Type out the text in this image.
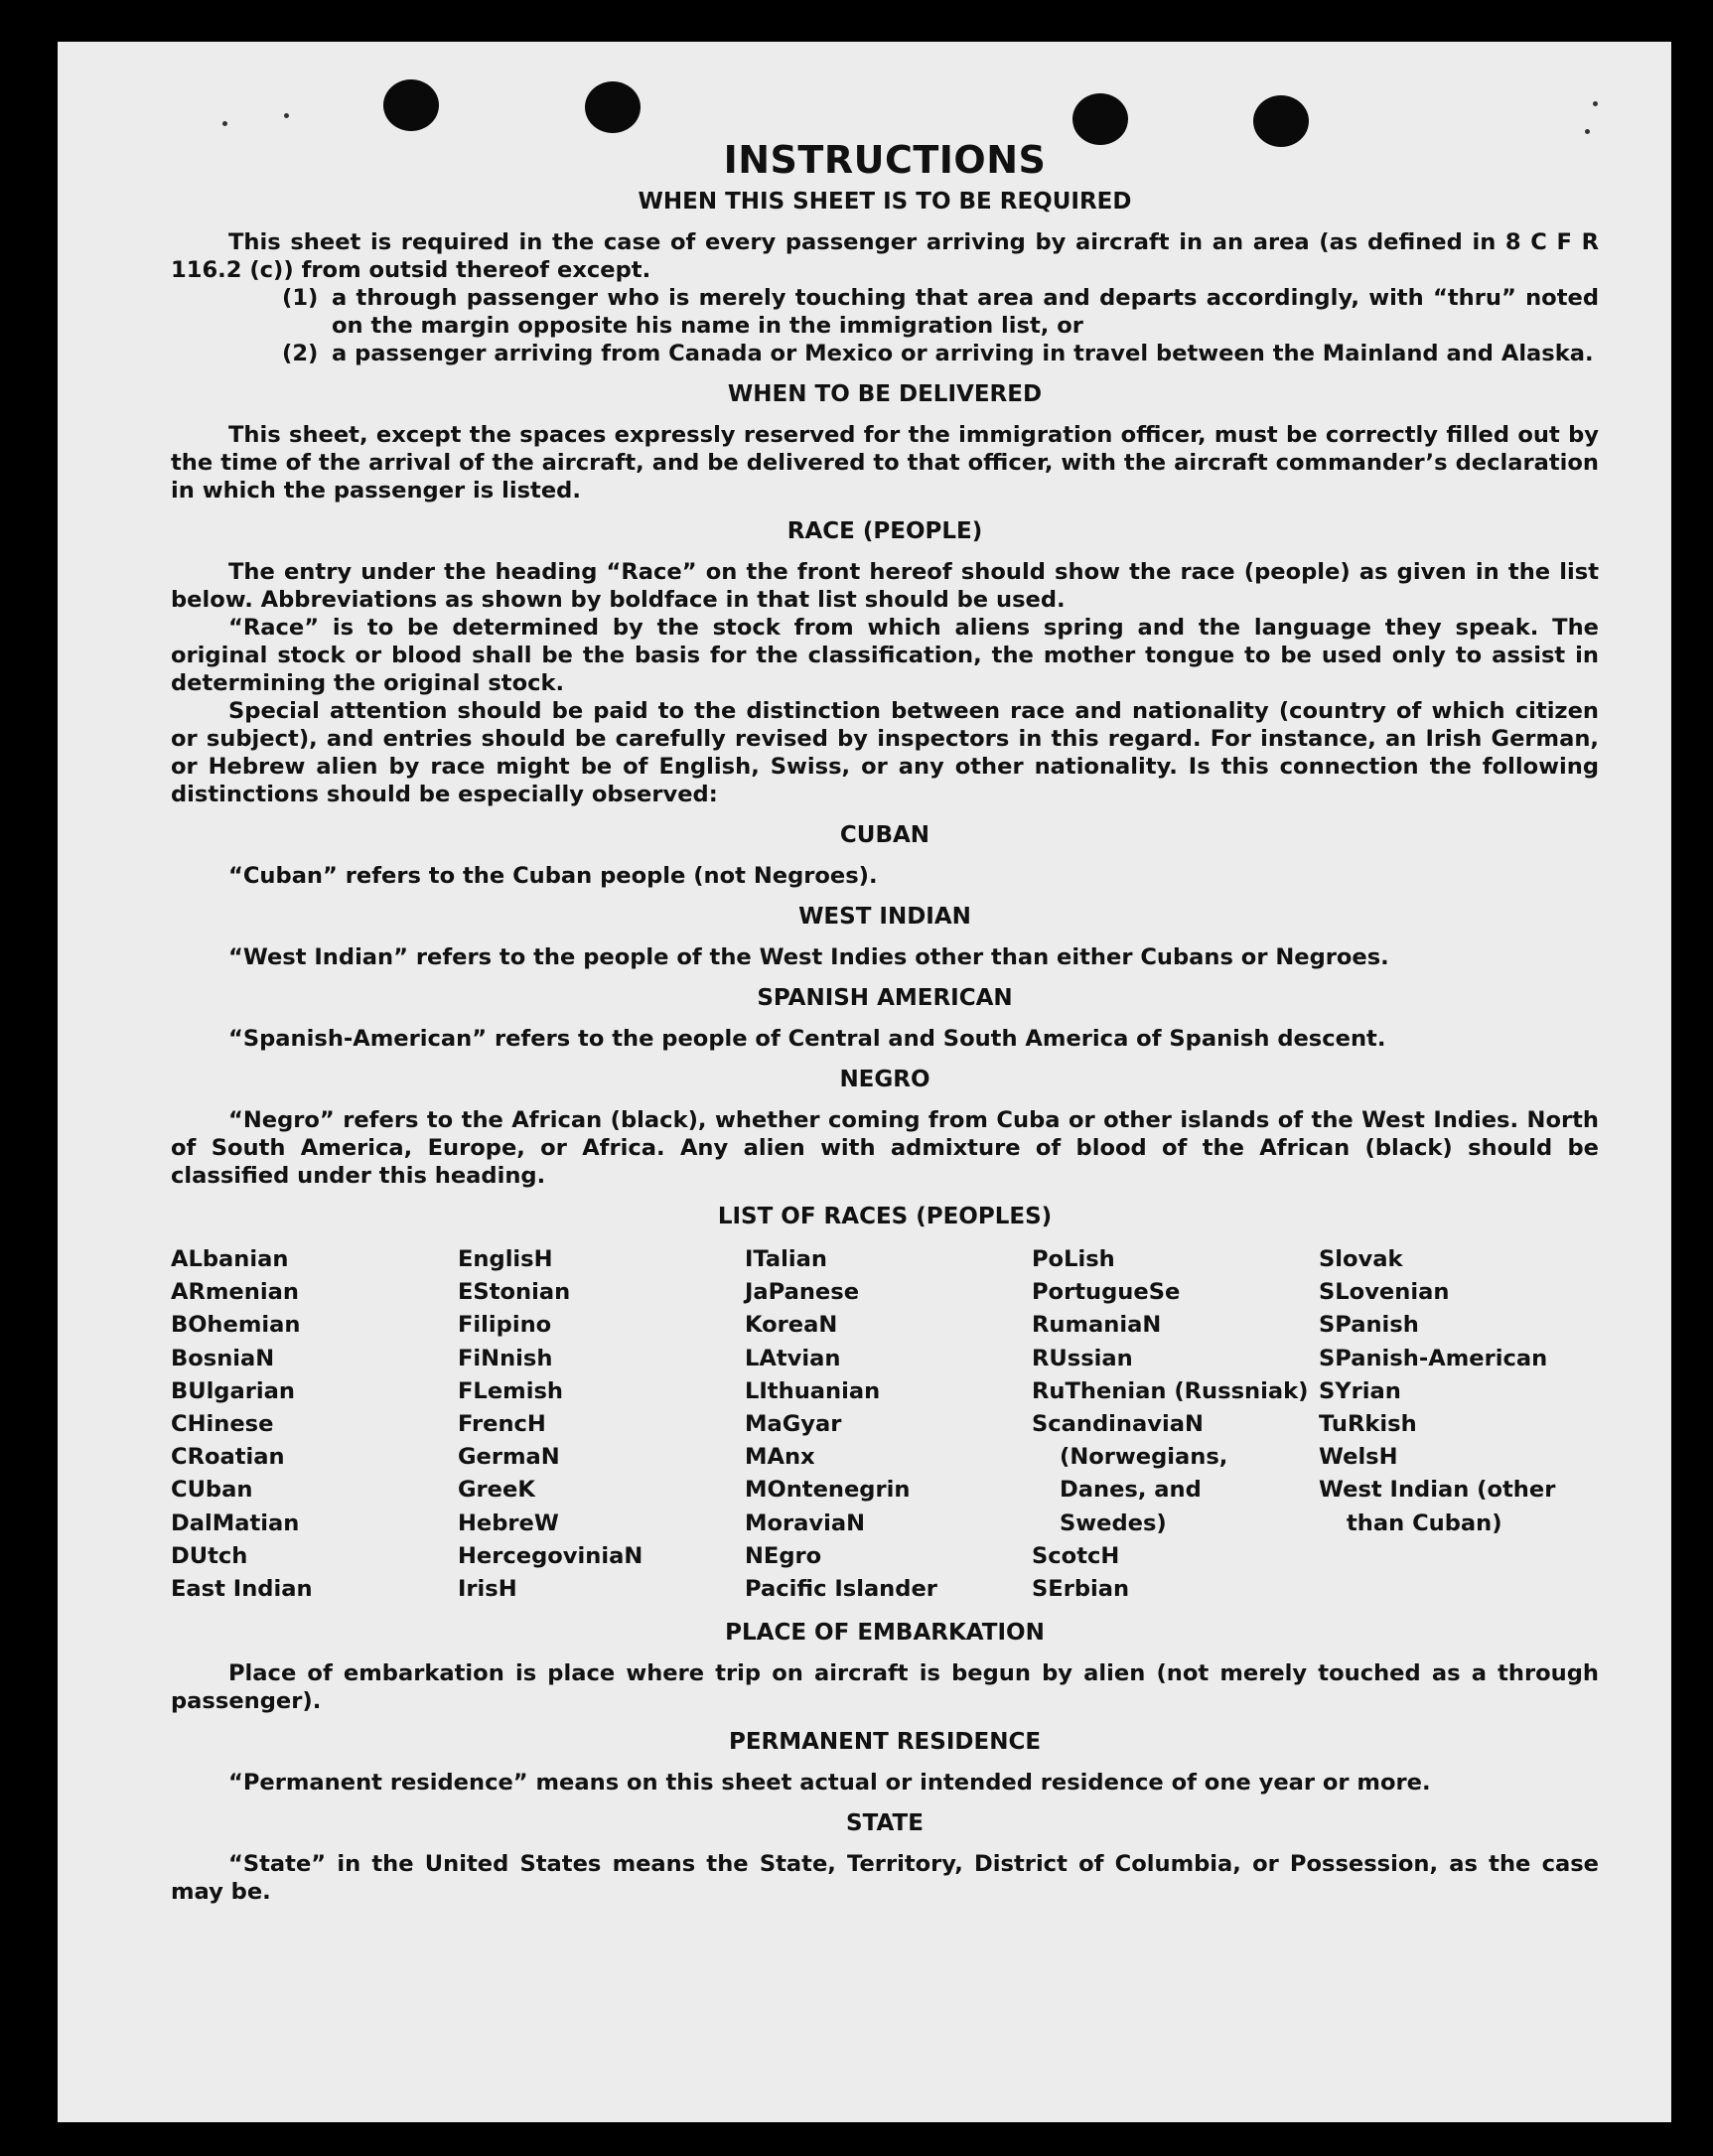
INSTRUCTIONS
WHEN THIS SHEET IS TO BE REQUIRED

This sheet is required in the case of every passenger arriving by aircraft in an area (as defined in 8 C F R 116.2 (c)) from outsid thereof except.

(1) a through passenger who is merely touching that area and departs accordingly, with “thru” noted on the margin opposite his name in the immigration list, or
(2) a passenger arriving from Canada or Mexico or arriving in travel between the Mainland and Alaska.
WHEN TO BE DELIVERED

This sheet, except the spaces expressly reserved for the immigration officer, must be correctly filled out by the time of the arrival of the aircraft, and be delivered to that officer, with the aircraft commander’s declaration in which the passenger is listed.

RACE (PEOPLE)

The entry under the heading “Race” on the front hereof should show the race (people) as given in the list below. Abbreviations as shown by boldface in that list should be used.

“Race” is to be determined by the stock from which aliens spring and the language they speak. The original stock or blood shall be the basis for the classification, the mother tongue to be used only to assist in determining the original stock.

Special attention should be paid to the distinction between race and nationality (country of which citizen or subject), and entries should be carefully revised by inspectors in this regard. For instance, an Irish German, or Hebrew alien by race might be of English, Swiss, or any other nationality. Is this connection the following distinctions should be especially observed:

CUBAN

“Cuban” refers to the Cuban people (not Negroes).

WEST INDIAN

“West Indian” refers to the people of the West Indies other than either Cubans or Negroes.

SPANISH AMERICAN

“Spanish-American” refers to the people of Central and South America of Spanish descent.

NEGRO

“Negro” refers to the African (black), whether coming from Cuba or other islands of the West Indies. North of South America, Europe, or Africa. Any alien with admixture of blood of the African (black) should be classified under this heading.

LIST OF RACES (PEOPLES)
ALbanian
ARmenian
BOhemian
BosniaN
BUlgarian
CHinese
CRoatian
CUban
DalMatian
DUtch
East Indian
EnglisH
EStonian
Filipino
FiNnish
FLemish
FrencH
GermaN
GreeK
HebreW
HercegoviniaN
IrisH
ITalian
JaPanese
KoreaN
LAtvian
LIthuanian
MaGyar
MAnx
MOntenegrin
MoraviaN
NEgro
Pacific Islander
PoLish
PortugueSe
RumaniaN
RUssian
RuThenian (Russniak)
ScandinaviaN (Norwegians, Danes, and Swedes)
ScotcH
SErbian
Slovak
SLovenian
SPanish
SPanish-American
SYrian
TuRkish
WelsH
West Indian (other than Cuban)
PLACE OF EMBARKATION

Place of embarkation is place where trip on aircraft is begun by alien (not merely touched as a through passenger).

PERMANENT RESIDENCE

“Permanent residence” means on this sheet actual or intended residence of one year or more.

STATE

“State” in the United States means the State, Territory, District of Columbia, or Possession, as the case may be.
